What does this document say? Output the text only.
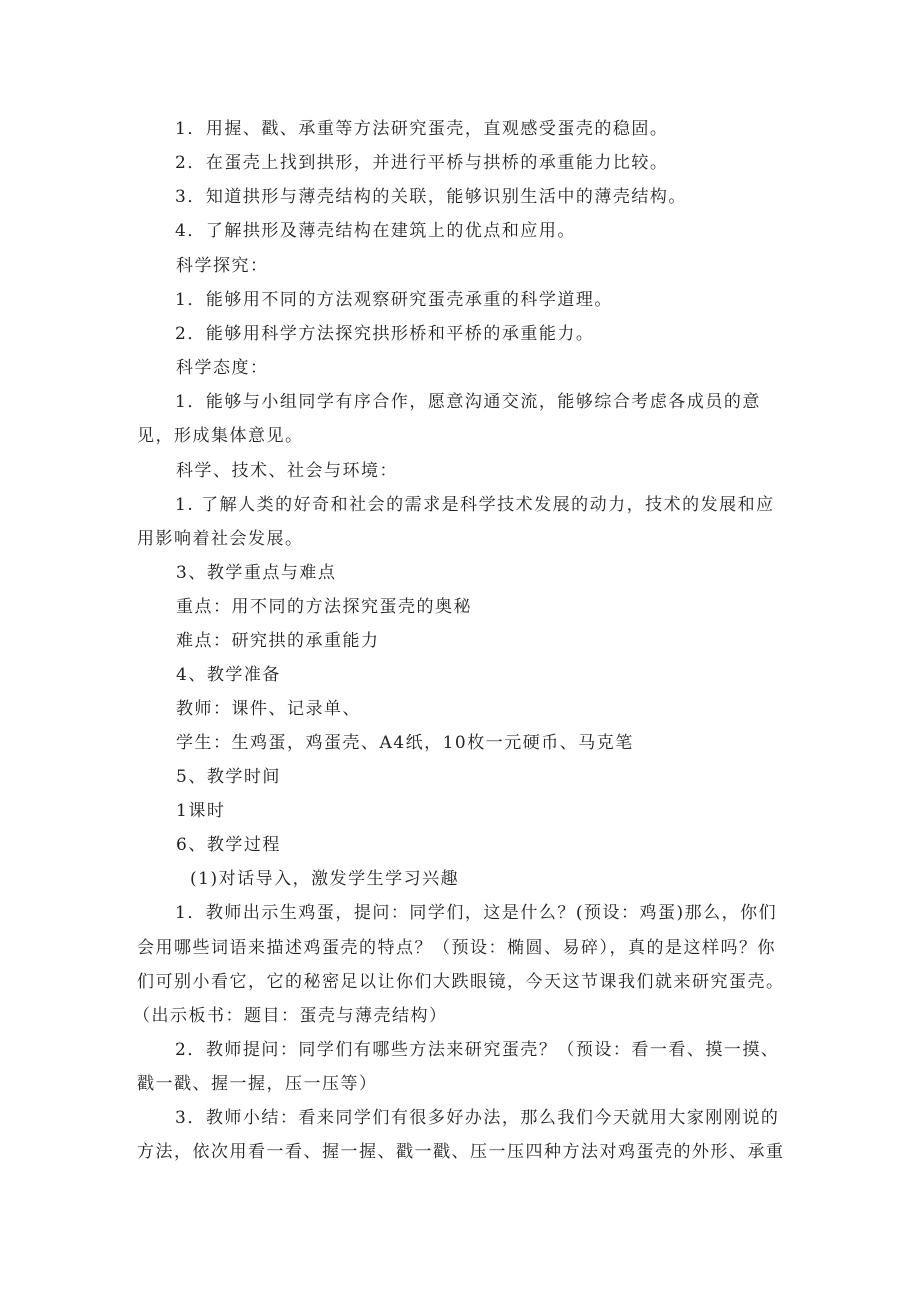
1．用握、戳、承重等方法研究蛋壳，直观感受蛋壳的稳固。
2．在蛋壳上找到拱形，并进行平桥与拱桥的承重能力比较。
3．知道拱形与薄壳结构的关联，能够识别生活中的薄壳结构。
4．了解拱形及薄壳结构在建筑上的优点和应用。
科学探究：
1．能够用不同的方法观察研究蛋壳承重的科学道理。
2．能够用科学方法探究拱形桥和平桥的承重能力。
科学态度：
1．能够与小组同学有序合作，愿意沟通交流，能够综合考虑各成员的意
见，形成集体意见。
科学、技术、社会与环境：
1. 了解人类的好奇和社会的需求是科学技术发展的动力，技术的发展和应
用影响着社会发展。
3、教学重点与难点
重点：用不同的方法探究蛋壳的奥秘
难点：研究拱的承重能力
4、教学准备
教师：课件、记录单、
学生：生鸡蛋，鸡蛋壳、A4纸，10枚一元硬币、马克笔
5、教学时间
1课时
6、教学过程
(1)对话导入，激发学生学习兴趣
1．教师出示生鸡蛋，提问：同学们，这是什么？(预设：鸡蛋)那么，你们
会用哪些词语来描述鸡蛋壳的特点？（预设：椭圆、易碎），真的是这样吗？你
们可别小看它，它的秘密足以让你们大跌眼镜，今天这节课我们就来研究蛋壳。
（出示板书：题目：蛋壳与薄壳结构）
2．教师提问：同学们有哪些方法来研究蛋壳？（预设：看一看、摸一摸、
戳一戳、握一握，压一压等）
3．教师小结：看来同学们有很多好办法，那么我们今天就用大家刚刚说的
方法，依次用看一看、握一握、戳一戳、压一压四种方法对鸡蛋壳的外形、承重
